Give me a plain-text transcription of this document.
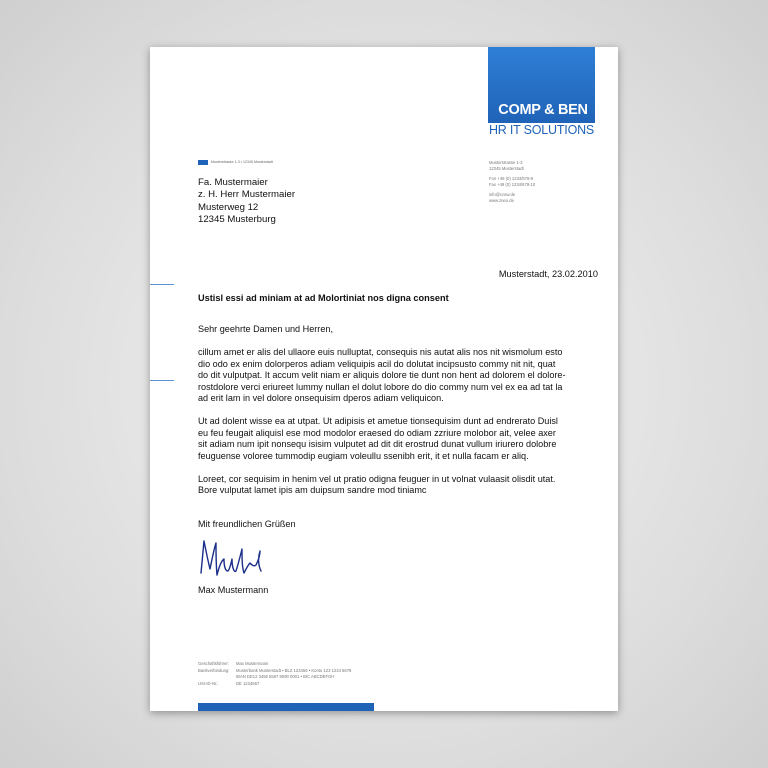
COMP & BEN
HR IT SOLUTIONS
Musterstrasse 1-3 • 12345 Musterstadt
Fa. Mustermaier
z. H. Herr Mustermaier
Musterweg 12
12345 Musterburg
Musterstrasse 1-3
12345 Musterstadt
Fon +49 (0) 1234/678-9
Fax +49 (0) 1234/678-10
info@cnsw.de
www.zneo.de
Musterstadt, 23.02.2010
Ustisl essi ad miniam at ad Molortiniat nos digna consent

Sehr geehrte Damen und Herren,

cillum amet er alis del ullaore euis nulluptat, consequis nis autat alis nos nit wismolum esto
dio odo ex enim dolorperos adiam veliquipis acil do dolutat incipsusto commy nit nit, quat
do dit vulputpat. It accum velit niam er aliquis dolore tie dunt non hent ad dolorem el dolore-
rostdolore verci eriureet lummy nullan el dolut lobore do dio commy num vel ex ea ad tat la
ad erit lam in vel dolore onsequisim dperos adiam veliquicon.

Ut ad dolent wisse ea at utpat. Ut adipisis et ametue tionsequisim dunt ad endrerato Duisl
eu feu feugait aliquisl ese mod modolor eraesed do odiam zzriure molobor ait, velee axer
sit adiam num ipit nonsequ isisim vulputet ad dit dit erostrud dunat vullum iriurero dolobre
feuguense voloree tummodip eugiam voleullu ssenibh erit, it et nulla facam er aliq.

Loreet, cor sequisim in henim vel ut pratio odigna feuguer in ut volnat vulaasit olisdit utat.
Bore vulputat lamet ipis am duipsum sandre mod tiniamc

Mit freundlichen Grüßen
Max Mustermann
Geschäftsführer:	Max Mustermann
Bankverbindung:	Musterbank Musterstadt • BLZ 123456 • Konto 123 1234 5678
IBAN DE12 3456 5567 8090 0001 • BIC ABCDEFGH
USt-ID-Nr.:	DE 1234567
